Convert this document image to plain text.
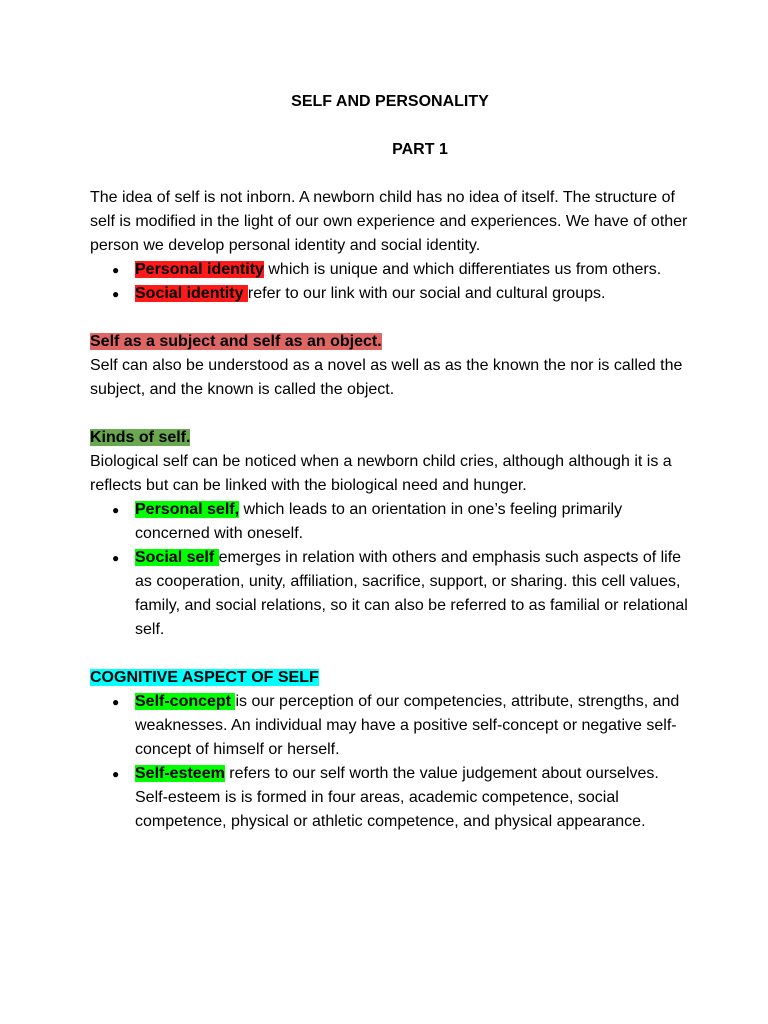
SELF AND PERSONALITY

PART 1

The idea of self is not inborn. A newborn child has no idea of itself. The structure of self is modified in the light of our own experience and experiences. We have of other person we develop personal identity and social identity.

● Personal identity which is unique and which differentiates us from others.
● Social identity refer to our link with our social and cultural groups.

Self as a subject and self as an object.

Self can also be understood as a novel as well as as the known the nor is called the subject, and the known is called the object.

Kinds of self.

Biological self can be noticed when a newborn child cries, although although it is a reflects but can be linked with the biological need and hunger.

● Personal self, which leads to an orientation in one’s feeling primarily concerned with oneself.
● Social self emerges in relation with others and emphasis such aspects of life as cooperation, unity, affiliation, sacrifice, support, or sharing. this cell values, family, and social relations, so it can also be referred to as familial or relational self.

COGNITIVE ASPECT OF SELF

● Self-concept is our perception of our competencies, attribute, strengths, and weaknesses. An individual may have a positive self-concept or negative self-concept of himself or herself.
● Self-esteem refers to our self worth the value judgement about ourselves. Self-esteem is is formed in four areas, academic competence, social competence, physical or athletic competence, and physical appearance.
